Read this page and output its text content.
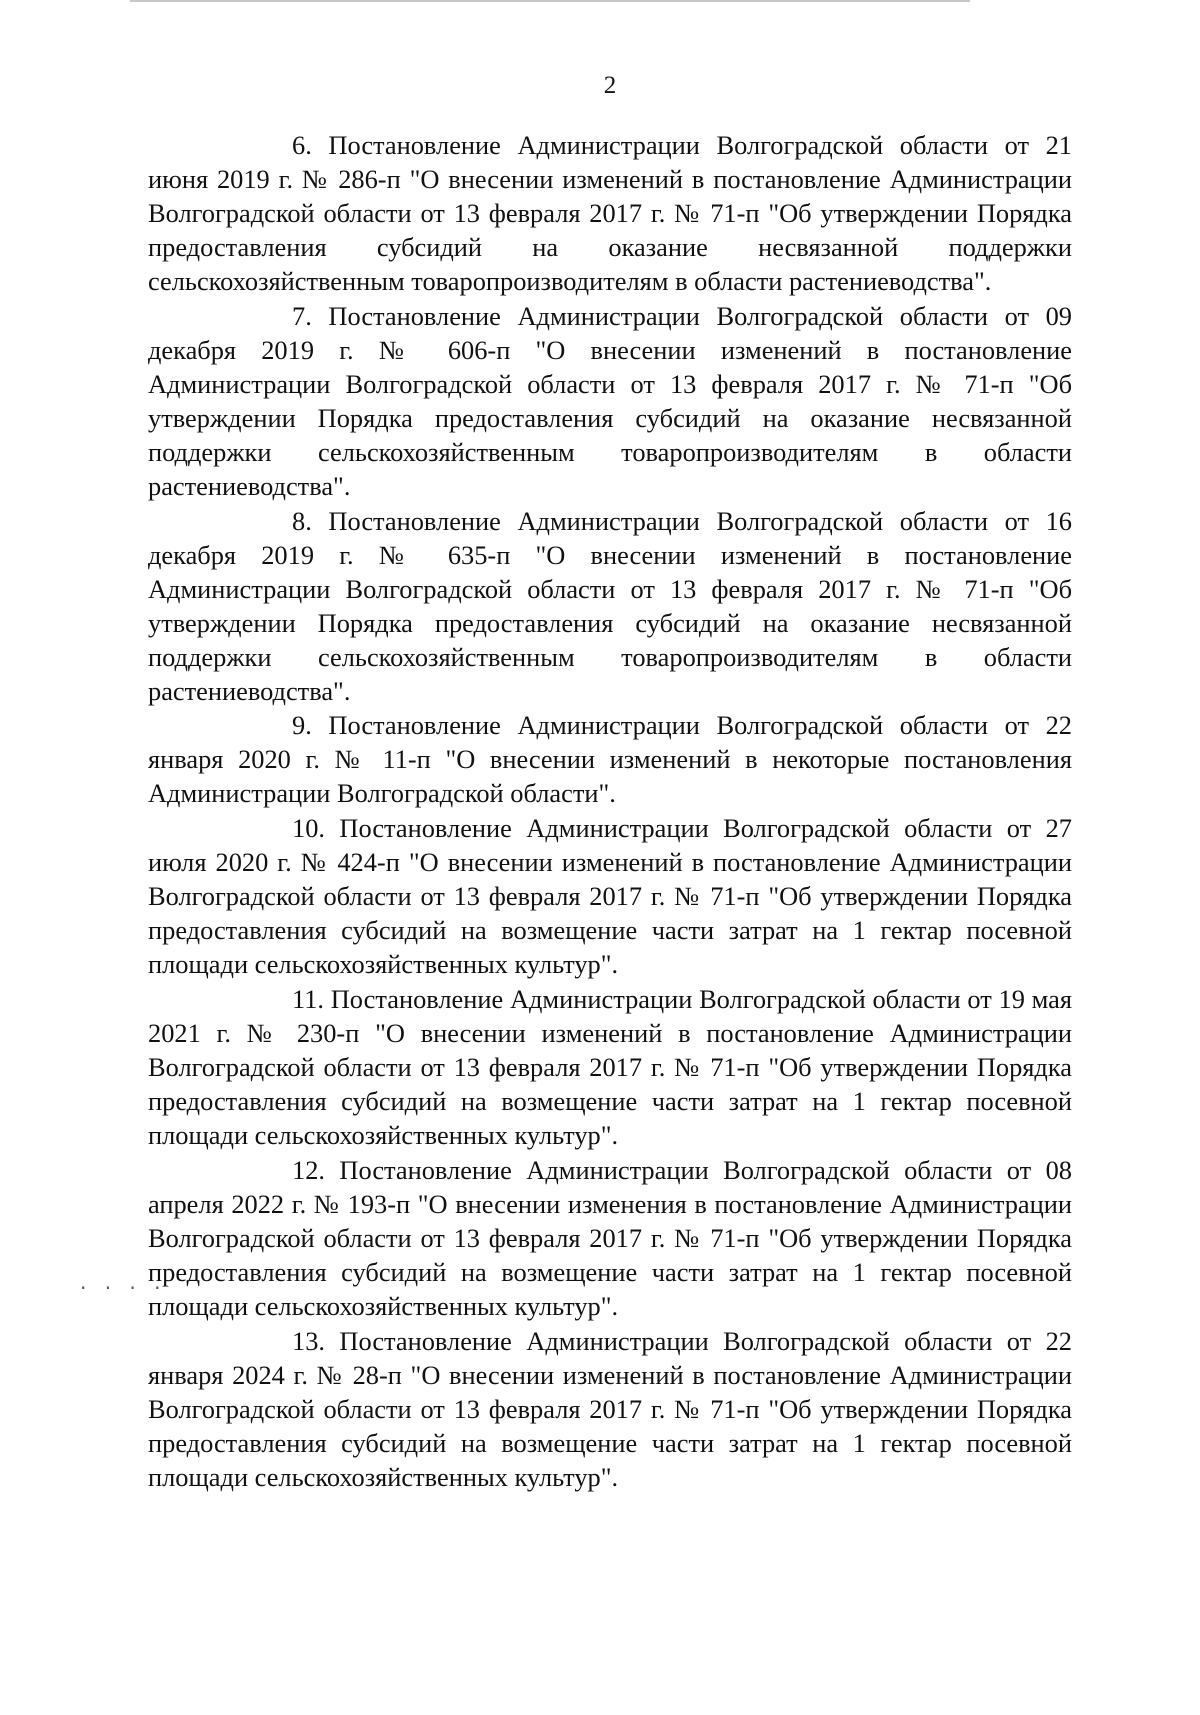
2

6. Постановление Администрации Волгоградской области от 21 июня 2019 г. № 286-п "О внесении изменений в постановление Администрации Волгоградской области от 13 февраля 2017 г. № 71-п "Об утверждении Порядка предоставления субсидий на оказание несвязанной поддержки сельскохозяйственным товаропроизводителям в области растениеводства".

7. Постановление Администрации Волгоградской области от 09 декабря 2019 г. № 606-п "О внесении изменений в постановление Администрации Волгоградской области от 13 февраля 2017 г. № 71-п "Об утверждении Порядка предоставления субсидий на оказание несвязанной поддержки сельскохозяйственным товаропроизводителям в области растениеводства".

8. Постановление Администрации Волгоградской области от 16 декабря 2019 г. № 635-п "О внесении изменений в постановление Администрации Волгоградской области от 13 февраля 2017 г. № 71-п "Об утверждении Порядка предоставления субсидий на оказание несвязанной поддержки сельскохозяйственным товаропроизводителям в области растениеводства".

9. Постановление Администрации Волгоградской области от 22 января 2020 г. № 11-п "О внесении изменений в некоторые постановления Администрации Волгоградской области".

10. Постановление Администрации Волгоградской области от 27 июля 2020 г. № 424-п "О внесении изменений в постановление Администрации Волгоградской области от 13 февраля 2017 г. № 71-п "Об утверждении Порядка предоставления субсидий на возмещение части затрат на 1 гектар посевной площади сельскохозяйственных культур".

11. Постановление Администрации Волгоградской области от 19 мая 2021 г. № 230-п "О внесении изменений в постановление Администрации Волгоградской области от 13 февраля 2017 г. № 71-п "Об утверждении Порядка предоставления субсидий на возмещение части затрат на 1 гектар посевной площади сельскохозяйственных культур".

12. Постановление Администрации Волгоградской области от 08 апреля 2022 г. № 193-п "О внесении изменения в постановление Администрации Волгоградской области от 13 февраля 2017 г. № 71-п "Об утверждении Порядка предоставления субсидий на возмещение части затрат на 1 гектар посевной площади сельскохозяйственных культур".

13. Постановление Администрации Волгоградской области от 22 января 2024 г. № 28-п "О внесении изменений в постановление Администрации Волгоградской области от 13 февраля 2017 г. № 71-п "Об утверждении Порядка предоставления субсидий на возмещение части затрат на 1 гектар посевной площади сельскохозяйственных культур".

· · · ·
